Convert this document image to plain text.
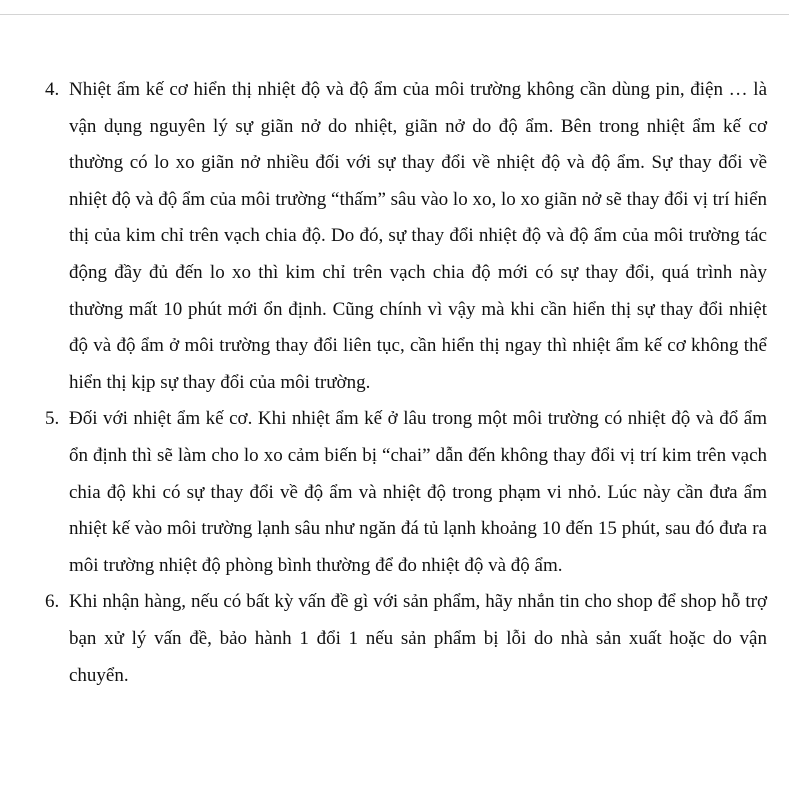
4. Nhiệt ẩm kế cơ hiển thị nhiệt độ và độ ẩm của môi trường không cần dùng pin, điện … là vận dụng nguyên lý sự giãn nở do nhiệt, giãn nở do độ ẩm. Bên trong nhiệt ẩm kế cơ thường có lo xo giãn nở nhiều đối với sự thay đổi về nhiệt độ và độ ẩm. Sự thay đổi về nhiệt độ và độ ẩm của môi trường “thấm” sâu vào lo xo, lo xo giãn nở sẽ thay đổi vị trí hiển thị của kim chỉ trên vạch chia độ. Do đó, sự thay đổi nhiệt độ và độ ẩm của môi trường tác động đầy đủ đến lo xo thì kim chỉ trên vạch chia độ mới có sự thay đổi, quá trình này thường mất 10 phút mới ổn định. Cũng chính vì vậy mà khi cần hiển thị sự thay đổi nhiệt độ và độ ẩm ở môi trường thay đổi liên tục, cần hiển thị ngay thì nhiệt ẩm kế cơ không thể hiển thị kịp sự thay đổi của môi trường.
5. Đối với nhiệt ẩm kế cơ. Khi nhiệt ẩm kế ở lâu trong một môi trường có nhiệt độ và đổ ẩm ổn định thì sẽ làm cho lo xo cảm biến bị “chai” dẫn đến không thay đổi vị trí kim trên vạch chia độ khi có sự thay đổi về độ ẩm và nhiệt độ trong phạm vi nhỏ. Lúc này cần đưa ẩm nhiệt kế vào môi trường lạnh sâu như ngăn đá tủ lạnh khoảng 10 đến 15 phút, sau đó đưa ra môi trường nhiệt độ phòng bình thường để đo nhiệt độ và độ ẩm.
6. Khi nhận hàng, nếu có bất kỳ vấn đề gì với sản phẩm, hãy nhắn tin cho shop để shop hỗ trợ bạn xử lý vấn đề, bảo hành 1 đổi 1 nếu sản phẩm bị lỗi do nhà sản xuất hoặc do vận chuyển.
